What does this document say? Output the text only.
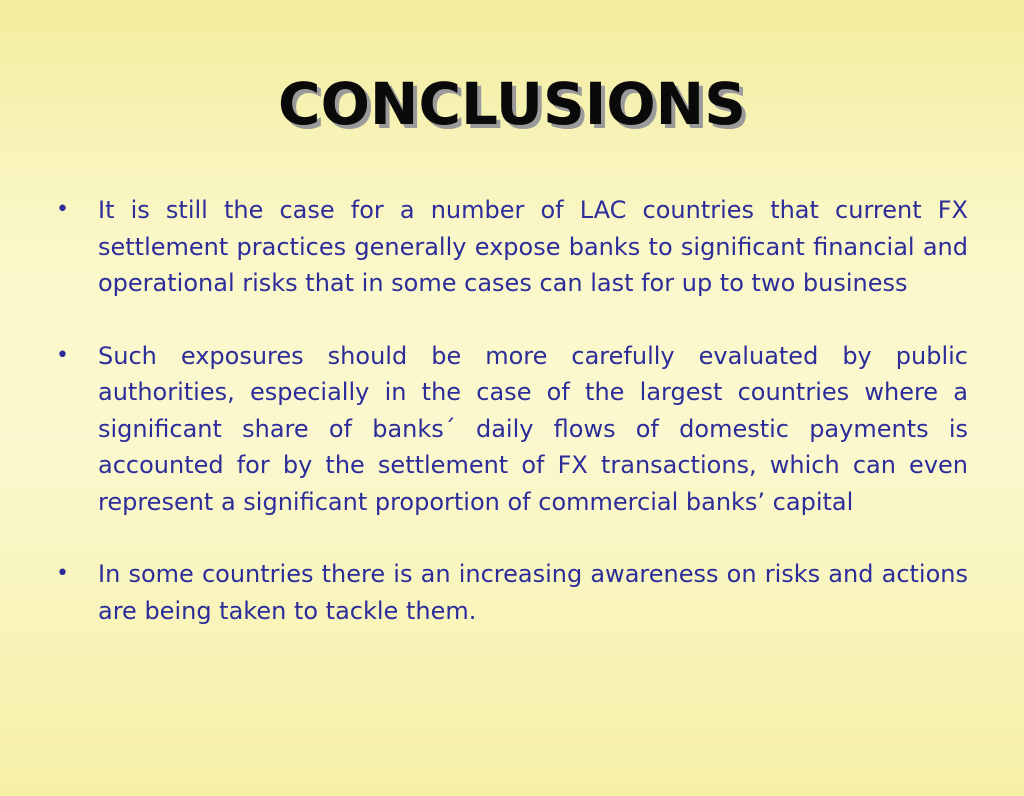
CONCLUSIONS
• It is still the case for a number of LAC countries that current FX settlement practices generally expose banks to significant financial and operational risks that in some cases can last for up to two business
• Such exposures should be more carefully evaluated by public authorities, especially in the case of the largest countries where a significant share of banks´ daily flows of domestic payments is accounted for by the settlement of FX transactions, which can even represent a significant proportion of commercial banks’ capital
• In some countries there is an increasing awareness on risks and actions are being taken to tackle them.
